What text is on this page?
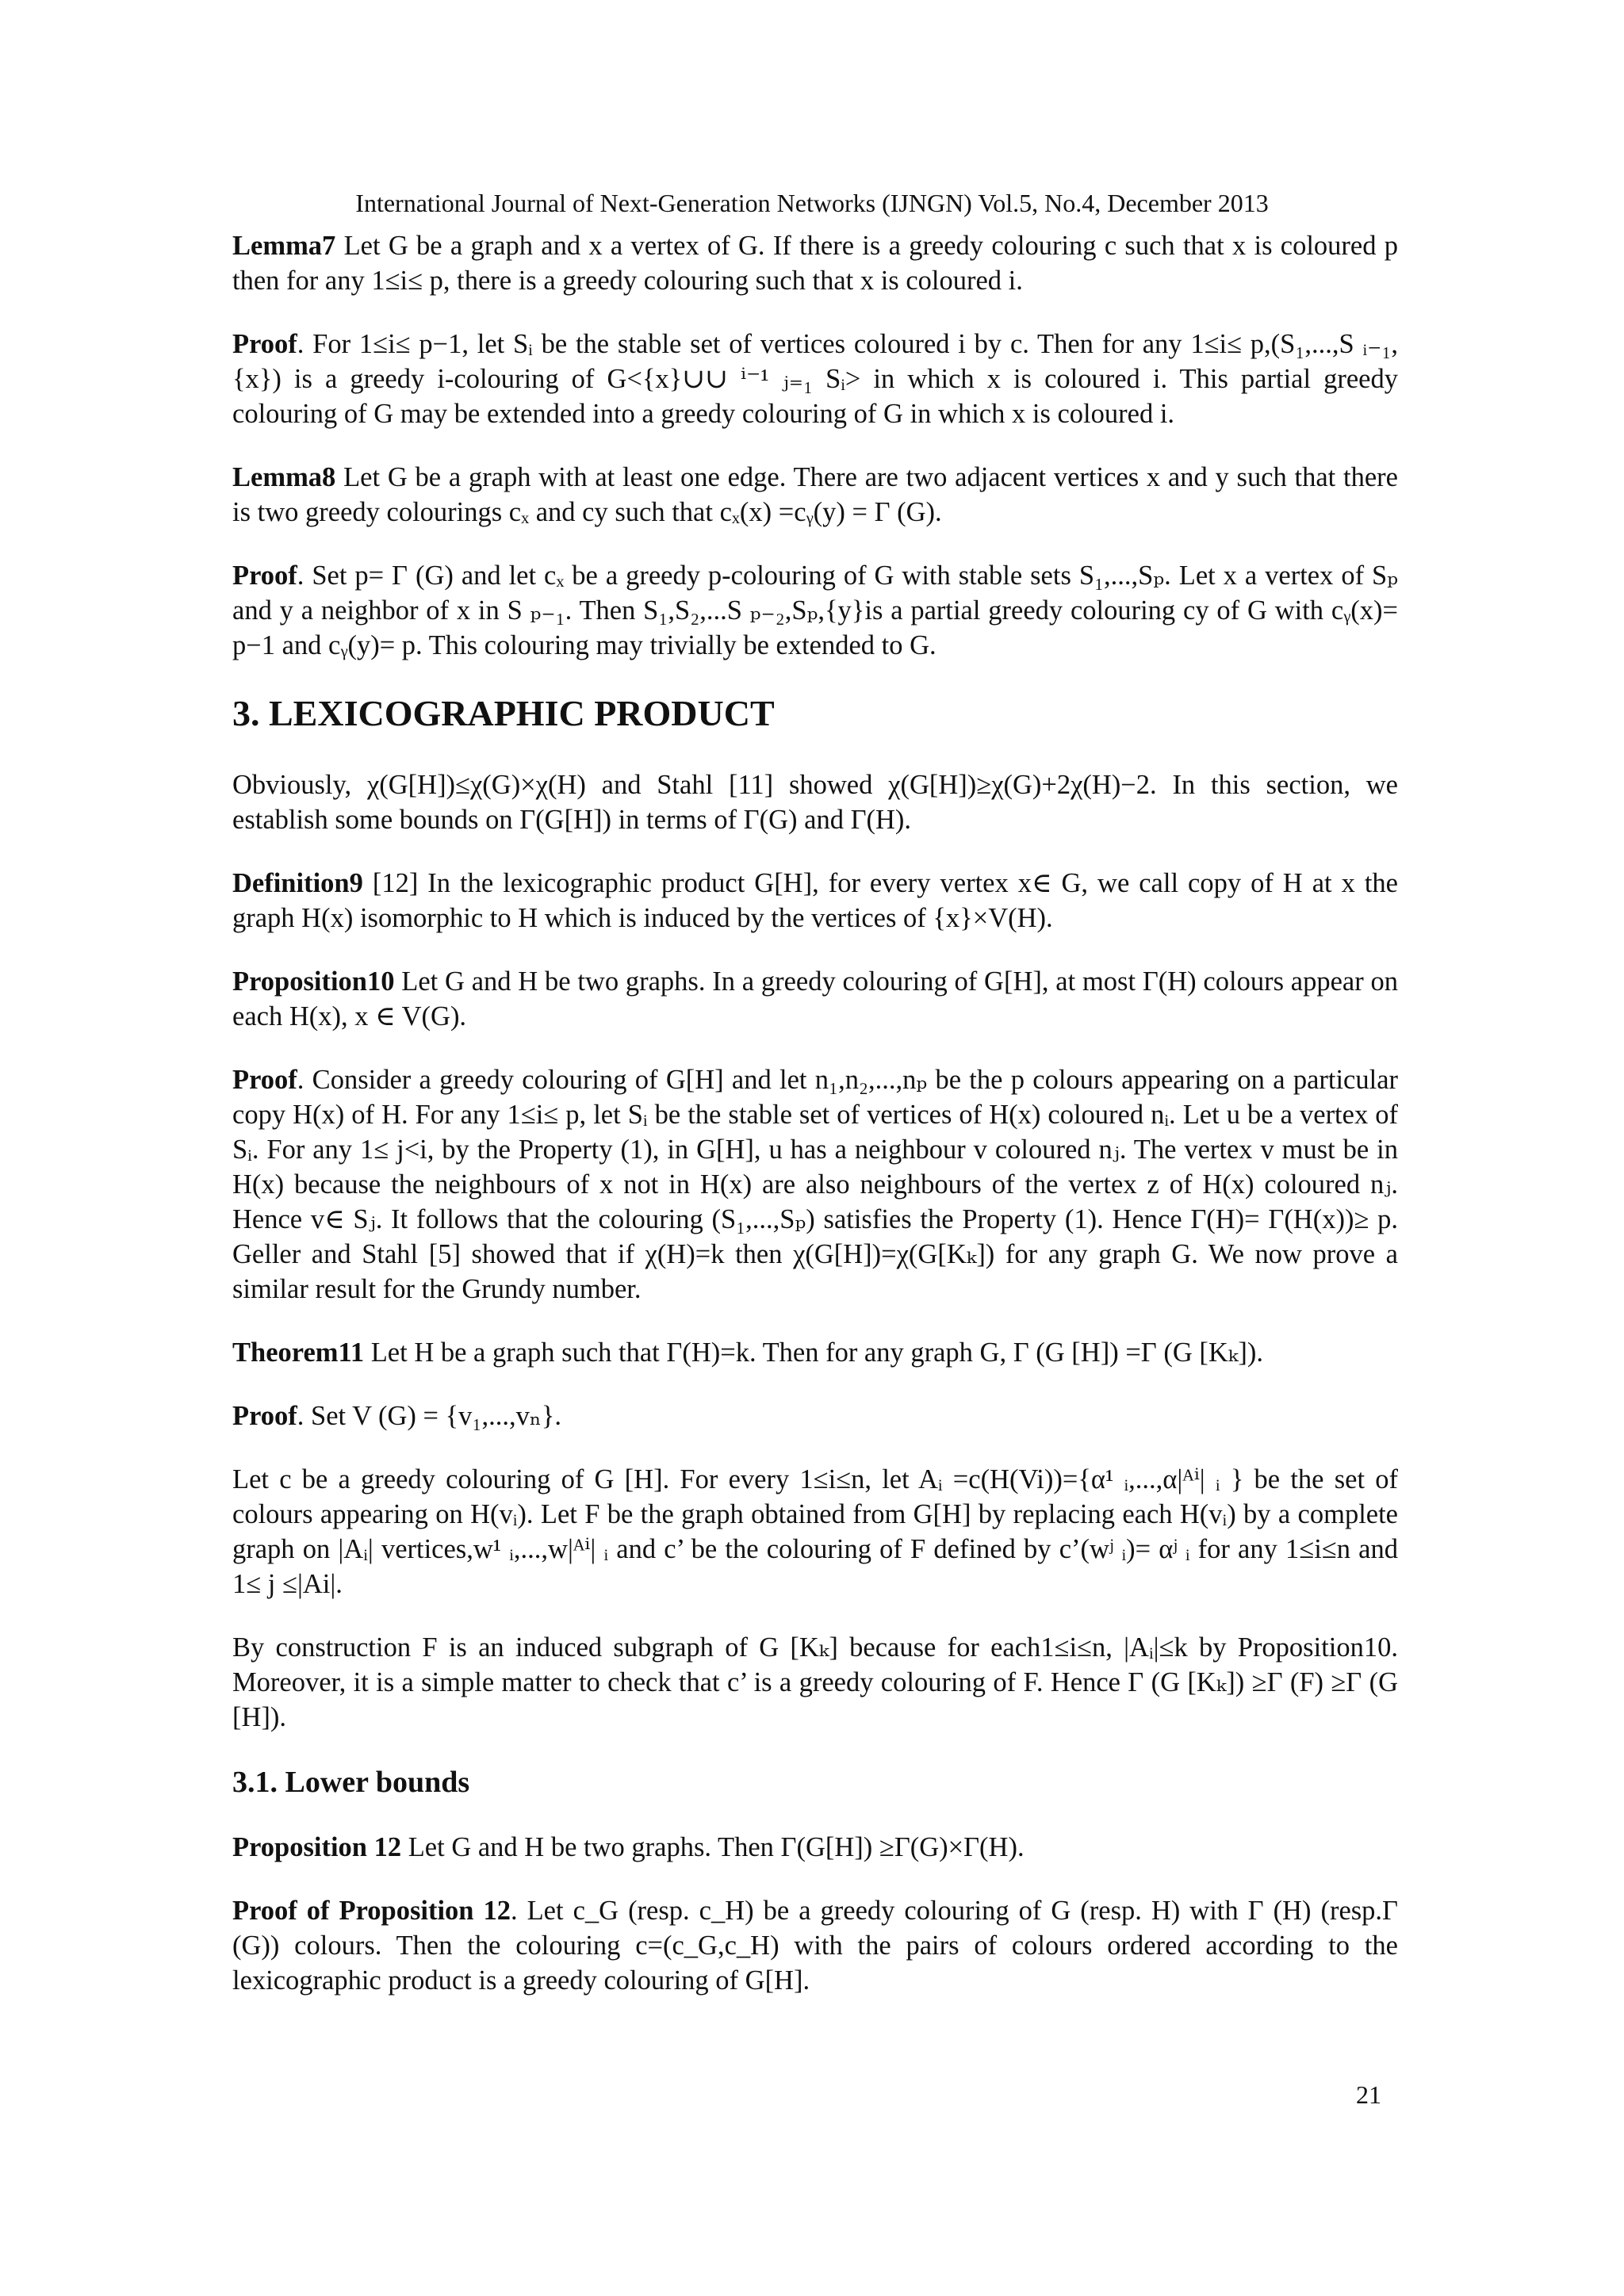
International Journal of Next-Generation Networks (IJNGN) Vol.5, No.4, December 2013

Lemma7 Let G be a graph and x a vertex of G. If there is a greedy colouring c such that x is coloured p then for any 1≤i≤ p, there is a greedy colouring such that x is coloured i.

Proof. For 1≤i≤ p−1, let Sᵢ be the stable set of vertices coloured i by c. Then for any 1≤i≤ p,(S₁,...,S ᵢ₋₁,{x}) is a greedy i-colouring of G<{x}∪∪ ⁱ⁻¹ ⱼ₌₁ Sᵢ> in which x is coloured i. This partial greedy colouring of G may be extended into a greedy colouring of G in which x is coloured i.

Lemma8 Let G be a graph with at least one edge. There are two adjacent vertices x and y such that there is two greedy colourings cₓ and cy such that cₓ(x) =cᵧ(y) = Γ (G).

Proof. Set p= Γ (G) and let cₓ be a greedy p-colouring of G with stable sets S₁,...,Sₚ. Let x a vertex of Sₚ and y a neighbor of x in S ₚ₋₁. Then S₁,S₂,...S ₚ₋₂,Sₚ,{y}is a partial greedy colouring cy of G with cᵧ(x)= p−1 and cᵧ(y)= p. This colouring may trivially be extended to G.

3. LEXICOGRAPHIC PRODUCT

Obviously, χ(G[H])≤χ(G)×χ(H) and Stahl [11] showed χ(G[H])≥χ(G)+2χ(H)−2. In this section, we establish some bounds on Γ(G[H]) in terms of Γ(G) and Γ(H).

Definition9 [12] In the lexicographic product G[H], for every vertex x∈ G, we call copy of H at x the graph H(x) isomorphic to H which is induced by the vertices of {x}×V(H).

Proposition10 Let G and H be two graphs. In a greedy colouring of G[H], at most Γ(H) colours appear on each H(x), x ∈ V(G).

Proof. Consider a greedy colouring of G[H] and let n₁,n₂,...,nₚ be the p colours appearing on a particular copy H(x) of H. For any 1≤i≤ p, let Sᵢ be the stable set of vertices of H(x) coloured nᵢ. Let u be a vertex of Sᵢ. For any 1≤ j<i, by the Property (1), in G[H], u has a neighbour v coloured nⱼ. The vertex v must be in H(x) because the neighbours of x not in H(x) are also neighbours of the vertex z of H(x) coloured nⱼ. Hence v∈ Sⱼ. It follows that the colouring (S₁,...,Sₚ) satisfies the Property (1). Hence Γ(H)= Γ(H(x))≥ p. Geller and Stahl [5] showed that if χ(H)=k then χ(G[H])=χ(G[Kₖ]) for any graph G. We now prove a similar result for the Grundy number.

Theorem11 Let H be a graph such that Γ(H)=k. Then for any graph G, Γ (G [H]) =Γ (G [Kₖ]).

Proof. Set V (G) = {v₁,...,vₙ}.

Let c be a greedy colouring of G [H]. For every 1≤i≤n, let Aᵢ =c(H(Vi))={α¹ ᵢ,...,α|ᴬⁱ| ᵢ } be the set of colours appearing on H(vᵢ). Let F be the graph obtained from G[H] by replacing each H(vᵢ) by a complete graph on |Aᵢ| vertices,w¹ ᵢ,...,w|ᴬⁱ| ᵢ and c’ be the colouring of F defined by c’(wʲ ᵢ)= αʲ ᵢ for any 1≤i≤n and 1≤ j ≤|Ai|.

By construction F is an induced subgraph of G [Kₖ] because for each1≤i≤n, |Aᵢ|≤k by Proposition10. Moreover, it is a simple matter to check that c’ is a greedy colouring of F. Hence Γ (G [Kₖ]) ≥Γ (F) ≥Γ (G [H]).

3.1. Lower bounds

Proposition 12 Let G and H be two graphs. Then Γ(G[H]) ≥Γ(G)×Γ(H).

Proof of Proposition 12. Let c_G (resp. c_H) be a greedy colouring of G (resp. H) with Γ (H) (resp.Γ (G)) colours. Then the colouring c=(c_G,c_H) with the pairs of colours ordered according to the lexicographic product is a greedy colouring of G[H].

21
